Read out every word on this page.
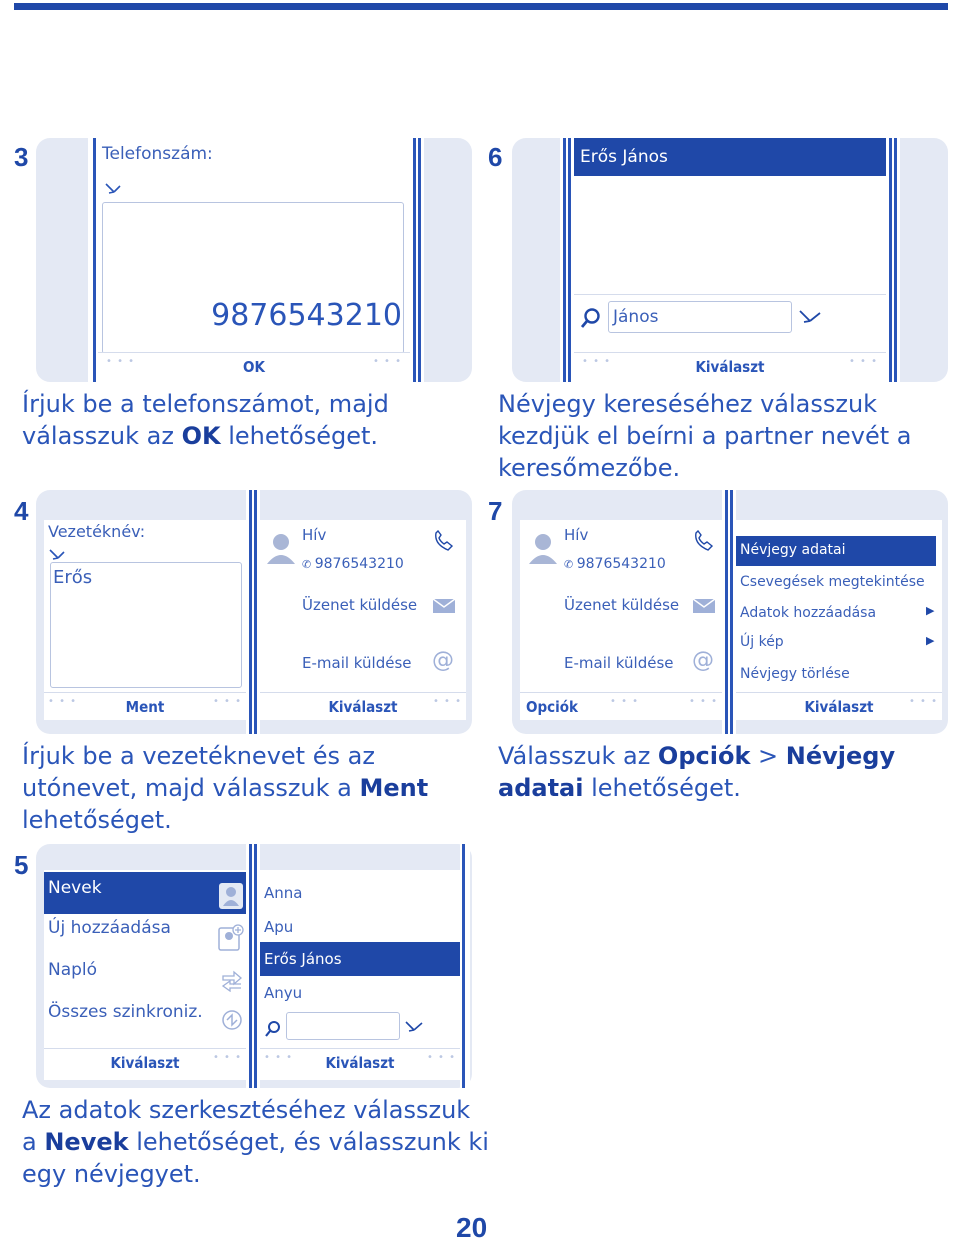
3	Telefonszám:
9876543210
OK
• • •	• • •
Írjuk be a telefonszámot, majd
válasszuk az OK lehetőséget.
6	Erős János
János
Kiválaszt
• • •	• • •
Névjegy kereséséhez válasszuk
kezdjük el beírni a partner nevét a
keresőmezőbe.
4
Vezetéknév:
Erős
Ment
• • •	• • •
Hív
✆ 9876543210
Üzenet küldése
E-mail küldése @
Kiválaszt	• • •
Írjuk be a vezetéknevet és az
utónevet, majd válasszuk a Ment
lehetőséget.
7
Hív
✆ 9876543210
Üzenet küldése
E-mail küldése @
Opciók	• • •	• • •
Névjegy adatai
Csevegések megtekintése
Adatok hozzáadása	▶
Új kép	▶
Névjegy törlése
Kiválaszt	• • •
Válasszuk az Opciók > Névjegy
adatai lehetőséget.
5
Nevek
Új hozzáadása
Napló
Összes szinkroniz.
Kiválaszt	• • •
Anna
Apu
Erős János
Anyu
Kiválaszt
• • •	• • •
Az adatok szerkesztéséhez válasszuk
a Nevek lehetőséget, és válasszunk ki
egy névjegyet.
20
